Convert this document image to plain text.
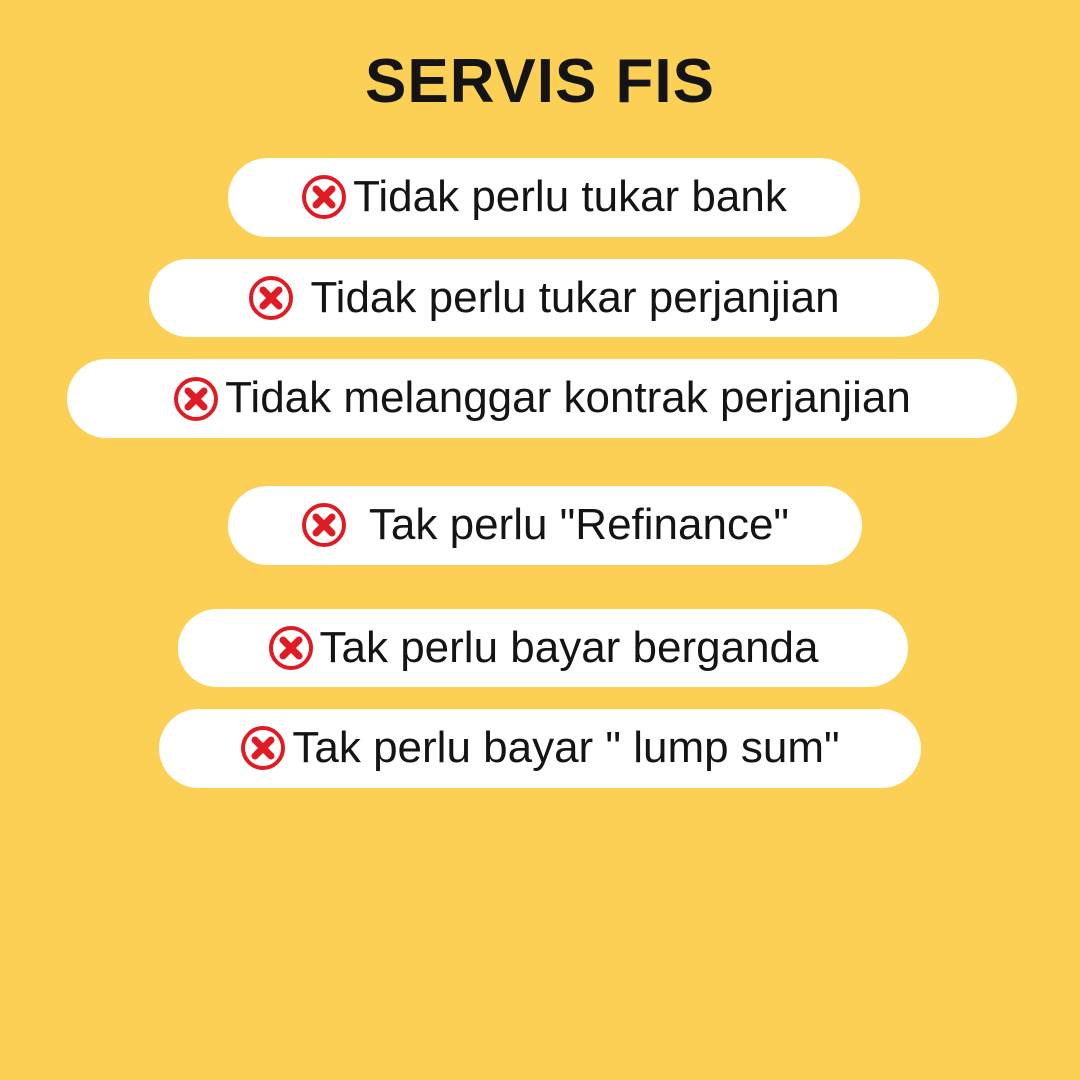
SERVIS FIS
Tidak perlu tukar bank
Tidak perlu tukar perjanjian
Tidak melanggar kontrak perjanjian
Tak perlu "Refinance"
Tak perlu bayar berganda
Tak perlu bayar " lump sum"
